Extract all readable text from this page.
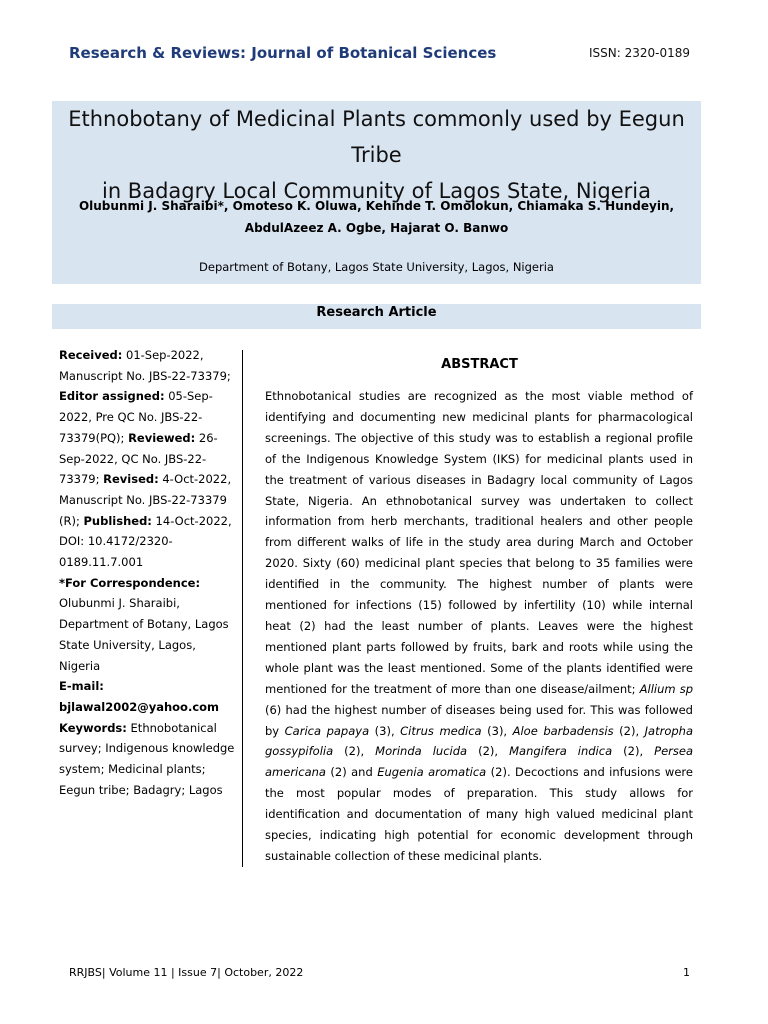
Research & Reviews: Journal of Botanical Sciences	ISSN: 2320-0189
Ethnobotany of Medicinal Plants commonly used by Eegun Tribe
in Badagry Local Community of Lagos State, Nigeria
Olubunmi J. Sharaibi*, Omoteso K. Oluwa, Kehinde T. Omolokun, Chiamaka S. Hundeyin, AbdulAzeez A. Ogbe, Hajarat O. Banwo
Department of Botany, Lagos State University, Lagos, Nigeria
Research Article
Received: 01-Sep-2022, Manuscript No. JBS-22-73379; Editor assigned: 05-Sep-2022, Pre QC No. JBS-22-73379(PQ); Reviewed: 26-Sep-2022, QC No. JBS-22-73379; Revised: 4-Oct-2022, Manuscript No. JBS-22-73379 (R); Published: 14-Oct-2022, DOI: 10.4172/2320-0189.11.7.001
*For Correspondence:
Olubunmi J. Sharaibi, Department of Botany, Lagos State University, Lagos, Nigeria
E-mail: bjlawal2002@yahoo.com
Keywords: Ethnobotanical survey; Indigenous knowledge system; Medicinal plants; Eegun tribe; Badagry; Lagos
ABSTRACT
Ethnobotanical studies are recognized as the most viable method of identifying and documenting new medicinal plants for pharmacological screenings. The objective of this study was to establish a regional profile of the Indigenous Knowledge System (IKS) for medicinal plants used in the treatment of various diseases in Badagry local community of Lagos State, Nigeria. An ethnobotanical survey was undertaken to collect information from herb merchants, traditional healers and other people from different walks of life in the study area during March and October 2020. Sixty (60) medicinal plant species that belong to 35 families were identified in the community. The highest number of plants were mentioned for infections (15) followed by infertility (10) while internal heat (2) had the least number of plants. Leaves were the highest mentioned plant parts followed by fruits, bark and roots while using the whole plant was the least mentioned. Some of the plants identified were mentioned for the treatment of more than one disease/ailment; Allium sp (6) had the highest number of diseases being used for. This was followed by Carica papaya (3), Citrus medica (3), Aloe barbadensis (2), Jatropha gossypifolia (2), Morinda lucida (2), Mangifera indica (2), Persea americana (2) and Eugenia aromatica (2). Decoctions and infusions were the most popular modes of preparation. This study allows for identification and documentation of many high valued medicinal plant species, indicating high potential for economic development through sustainable collection of these medicinal plants.
RRJBS| Volume 11 | Issue 7| October, 2022	1
